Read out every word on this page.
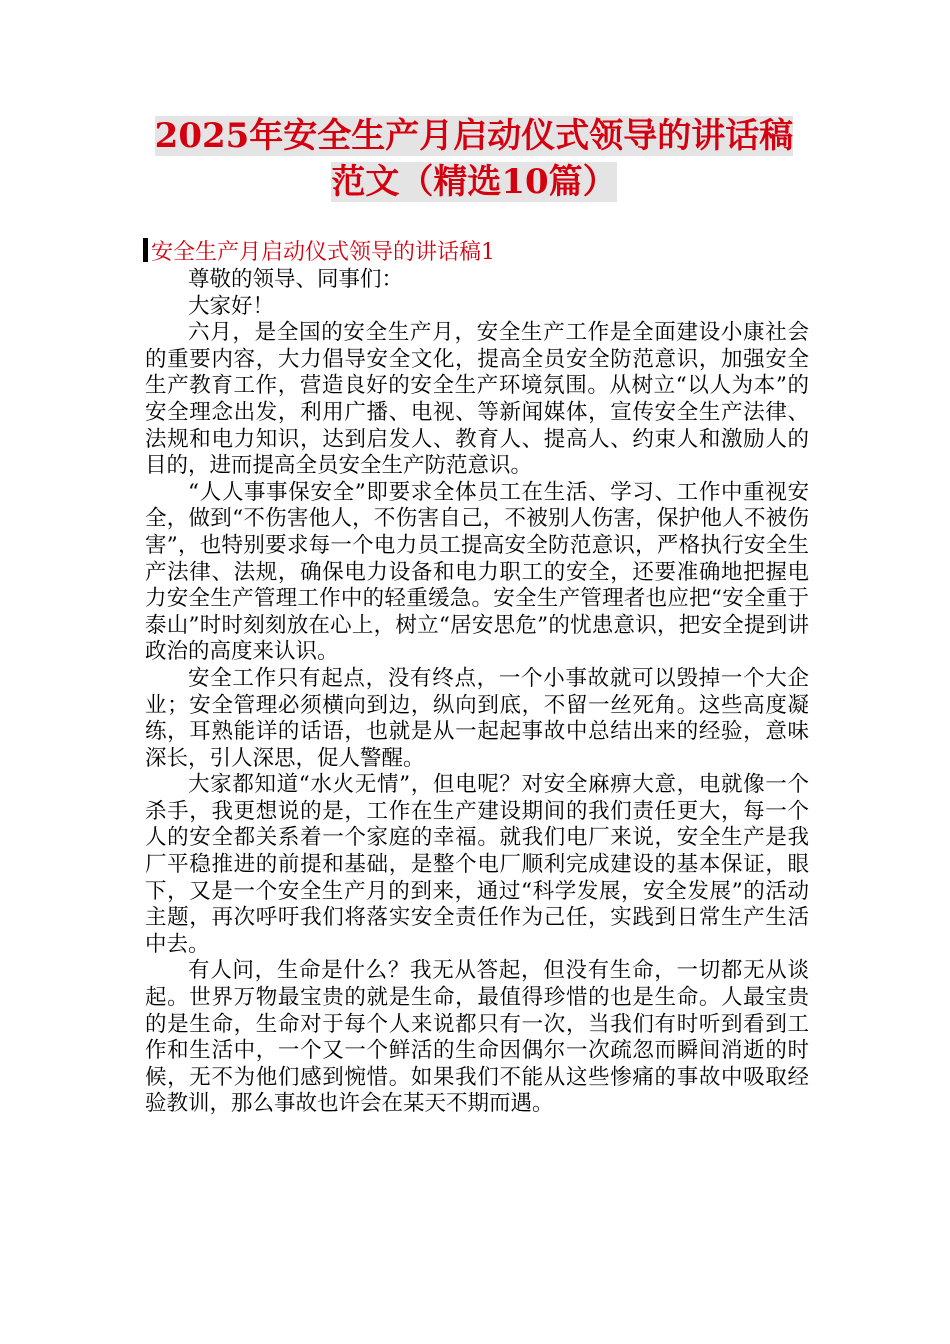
2025年安全生产月启动仪式领导的讲话稿
范文（精选10篇）
安全生产月启动仪式领导的讲话稿1

尊敬的领导、同事们：

大家好！

六月，是全国的安全生产月，安全生产工作是全面建设小康社会的重要内容，大力倡导安全文化，提高全员安全防范意识，加强安全生产教育工作，营造良好的安全生产环境氛围。从树立“以人为本”的安全理念出发，利用广播、电视、等新闻媒体，宣传安全生产法律、法规和电力知识，达到启发人、教育人、提高人、约束人和激励人的目的，进而提高全员安全生产防范意识。

“人人事事保安全”即要求全体员工在生活、学习、工作中重视安全，做到“不伤害他人，不伤害自己，不被别人伤害，保护他人不被伤害”，也特别要求每一个电力员工提高安全防范意识，严格执行安全生产法律、法规，确保电力设备和电力职工的安全，还要准确地把握电力安全生产管理工作中的轻重缓急。安全生产管理者也应把“安全重于泰山”时时刻刻放在心上，树立“居安思危”的忧患意识，把安全提到讲政治的高度来认识。

安全工作只有起点，没有终点，一个小事故就可以毁掉一个大企业；安全管理必须横向到边，纵向到底，不留一丝死角。这些高度凝练，耳熟能详的话语，也就是从一起起事故中总结出来的经验，意味深长，引人深思，促人警醒。

大家都知道“水火无情”，但电呢？对安全麻痹大意，电就像一个杀手，我更想说的是，工作在生产建设期间的我们责任更大，每一个人的安全都关系着一个家庭的幸福。就我们电厂来说，安全生产是我厂平稳推进的前提和基础，是整个电厂顺利完成建设的基本保证，眼下，又是一个安全生产月的到来，通过“科学发展，安全发展”的活动主题，再次呼吁我们将落实安全责任作为己任，实践到日常生产生活中去。

有人问，生命是什么？我无从答起，但没有生命，一切都无从谈起。世界万物最宝贵的就是生命，最值得珍惜的也是生命。人最宝贵的是生命，生命对于每个人来说都只有一次，当我们有时听到看到工作和生活中，一个又一个鲜活的生命因偶尔一次疏忽而瞬间消逝的时候，无不为他们感到惋惜。如果我们不能从这些惨痛的事故中吸取经验教训，那么事故也许会在某天不期而遇。
